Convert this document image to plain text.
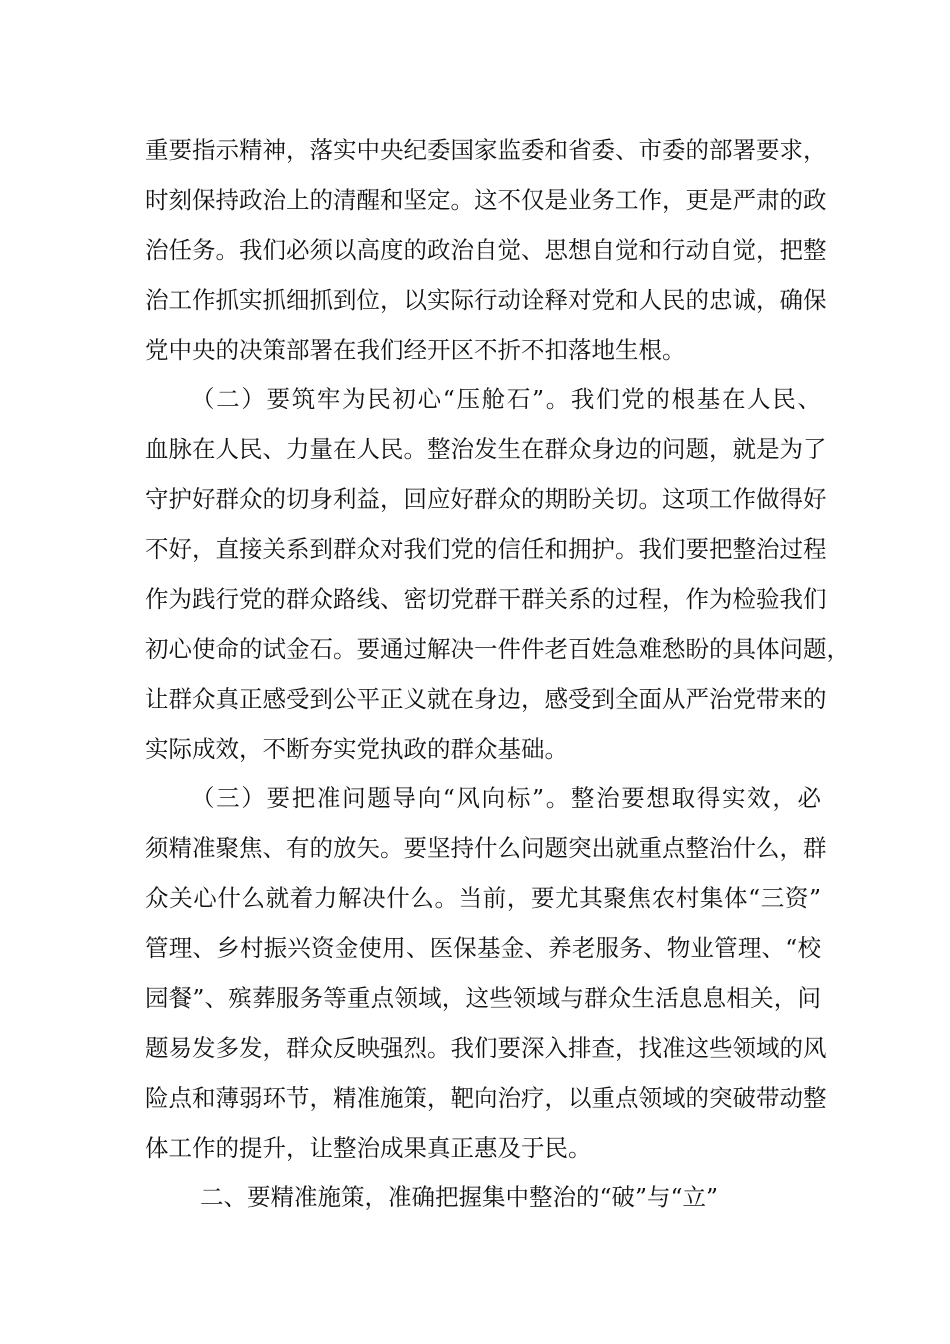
重要指示精神，落实中央纪委国家监委和省委、市委的部署要求，
时刻保持政治上的清醒和坚定。这不仅是业务工作，更是严肃的政
治任务。我们必须以高度的政治自觉、思想自觉和行动自觉，把整
治工作抓实抓细抓到位，以实际行动诠释对党和人民的忠诚，确保
党中央的决策部署在我们经开区不折不扣落地生根。
（二）要筑牢为民初心“压舱石”。我们党的根基在人民、
血脉在人民、力量在人民。整治发生在群众身边的问题，就是为了
守护好群众的切身利益，回应好群众的期盼关切。这项工作做得好
不好，直接关系到群众对我们党的信任和拥护。我们要把整治过程
作为践行党的群众路线、密切党群干群关系的过程，作为检验我们
初心使命的试金石。要通过解决一件件老百姓急难愁盼的具体问题，
让群众真正感受到公平正义就在身边，感受到全面从严治党带来的
实际成效，不断夯实党执政的群众基础。
（三）要把准问题导向“风向标”。整治要想取得实效，必
须精准聚焦、有的放矢。要坚持什么问题突出就重点整治什么，群
众关心什么就着力解决什么。当前，要尤其聚焦农村集体“三资”
管理、乡村振兴资金使用、医保基金、养老服务、物业管理、“校
园餐”、殡葬服务等重点领域，这些领域与群众生活息息相关，问
题易发多发，群众反映强烈。我们要深入排查，找准这些领域的风
险点和薄弱环节，精准施策，靶向治疗，以重点领域的突破带动整
体工作的提升，让整治成果真正惠及于民。
二、要精准施策，准确把握集中整治的“破”与“立”
